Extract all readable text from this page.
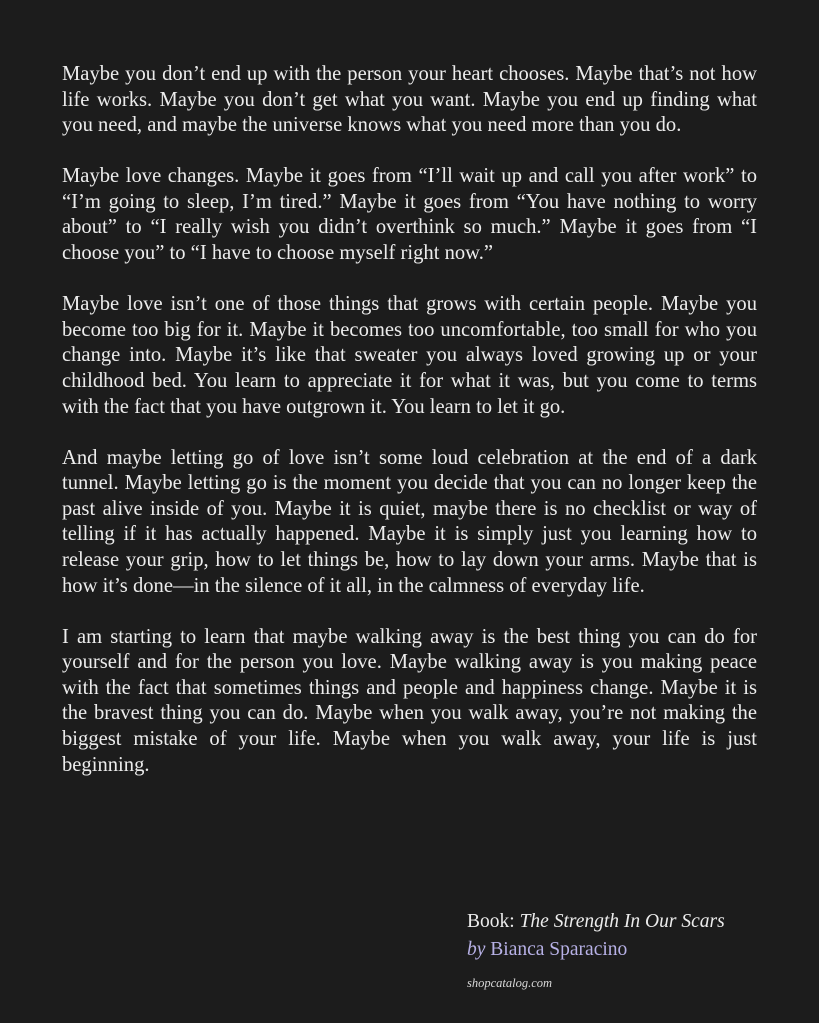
Maybe you don’t end up with the person your heart chooses. Maybe that’s not how life works. Maybe you don’t get what you want. Maybe you end up finding what you need, and maybe the universe knows what you need more than you do.

Maybe love changes. Maybe it goes from “I’ll wait up and call you after work” to “I’m going to sleep, I’m tired.” Maybe it goes from “You have nothing to worry about” to “I really wish you didn’t overthink so much.” Maybe it goes from “I choose you” to “I have to choose myself right now.”

Maybe love isn’t one of those things that grows with certain people. Maybe you become too big for it. Maybe it becomes too uncomfortable, too small for who you change into. Maybe it’s like that sweater you always loved growing up or your childhood bed. You learn to appreciate it for what it was, but you come to terms with the fact that you have outgrown it. You learn to let it go.

And maybe letting go of love isn’t some loud celebration at the end of a dark tunnel. Maybe letting go is the moment you decide that you can no longer keep the past alive inside of you. Maybe it is quiet, maybe there is no checklist or way of telling if it has actually happened. Maybe it is simply just you learning how to release your grip, how to let things be, how to lay down your arms. Maybe that is how it’s done—in the silence of it all, in the calmness of everyday life.

I am starting to learn that maybe walking away is the best thing you can do for yourself and for the person you love. Maybe walking away is you making peace with the fact that sometimes things and people and happiness change. Maybe it is the bravest thing you can do. Maybe when you walk away, you’re not making the biggest mistake of your life. Maybe when you walk away, your life is just beginning.

Book: The Strength In Our Scars

by Bianca Sparacino

shopcatalog.com
